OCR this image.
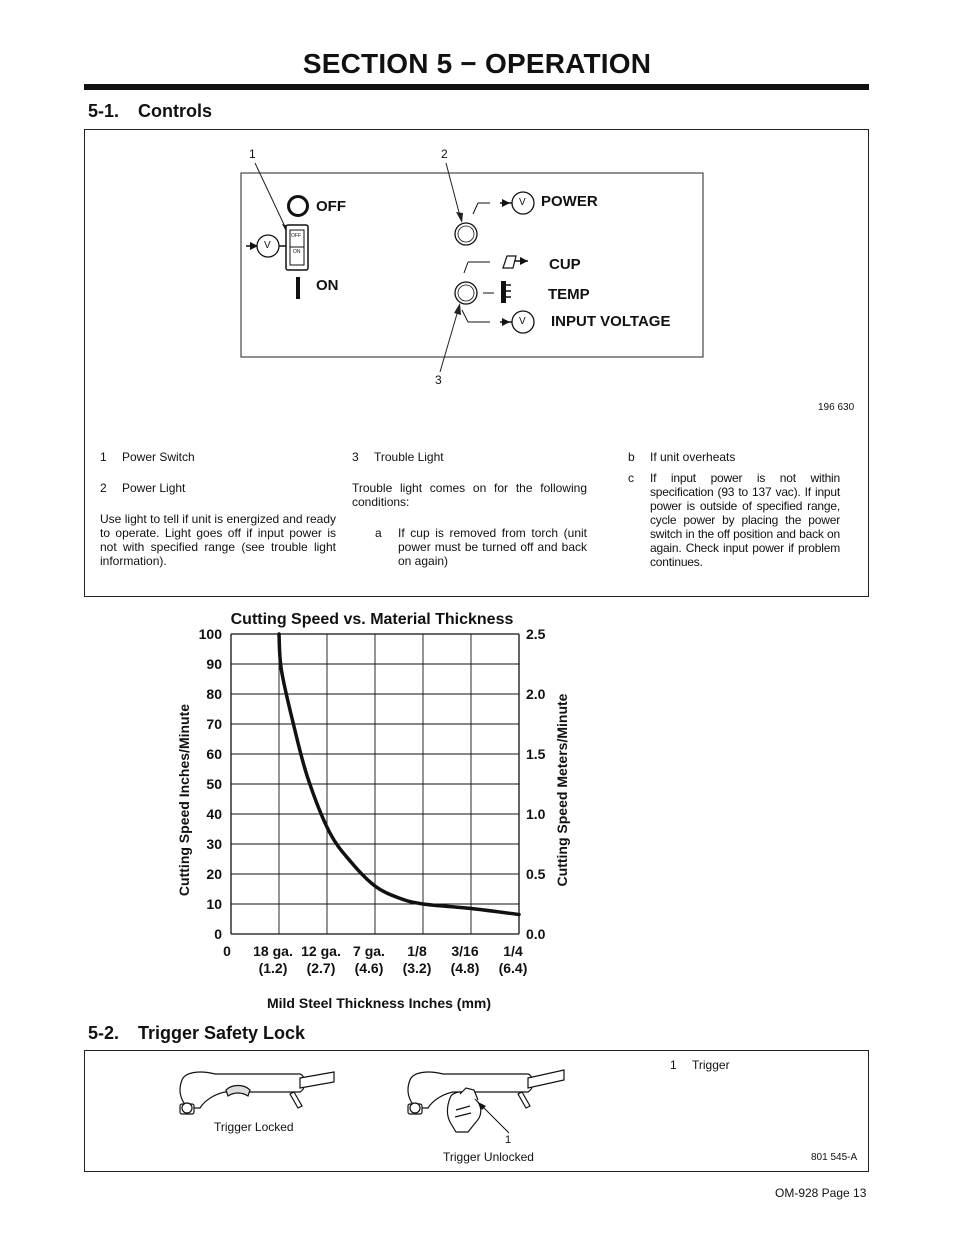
SECTION 5 − OPERATION
5-1. Controls
1	2
3
OFF
ON
POWER
CUP
TEMP
INPUT VOLTAGE
V
V
V
OFF
ON
196 630
1 Power Switch
2 Power Light
Use light to tell if unit is energized and ready to operate. Light goes off if input power is not with specified range (see trouble light information).
3 Trouble Light
Trouble light comes on for the following conditions:
a If cup is removed from torch (unit power must be turned off and back on again)
b If unit overheats
c If input power is not within specification (93 to 137 vac). If input power is outside of specified range, cycle power by placing the power switch in the off position and back on again. Check input power if problem continues.
Cutting Speed vs. Material Thickness
0
10
20
30
40
50
60
70
80
90
100
0.0
0.5
1.0
1.5
2.0
2.5
0 18 ga.
(1.2)
12 ga.
(2.7)
7 ga.
(4.6)
1/8
(3.2)
3/16
(4.8)
1/4
(6.4)
Cutting Speed Inches/Minute	Cutting Speed Meters/Minute
Mild Steel Thickness Inches (mm)
5-2. Trigger Safety Lock
Trigger Locked
1
Trigger Unlocked
1 Trigger
801 545-A
OM-928 Page 13
